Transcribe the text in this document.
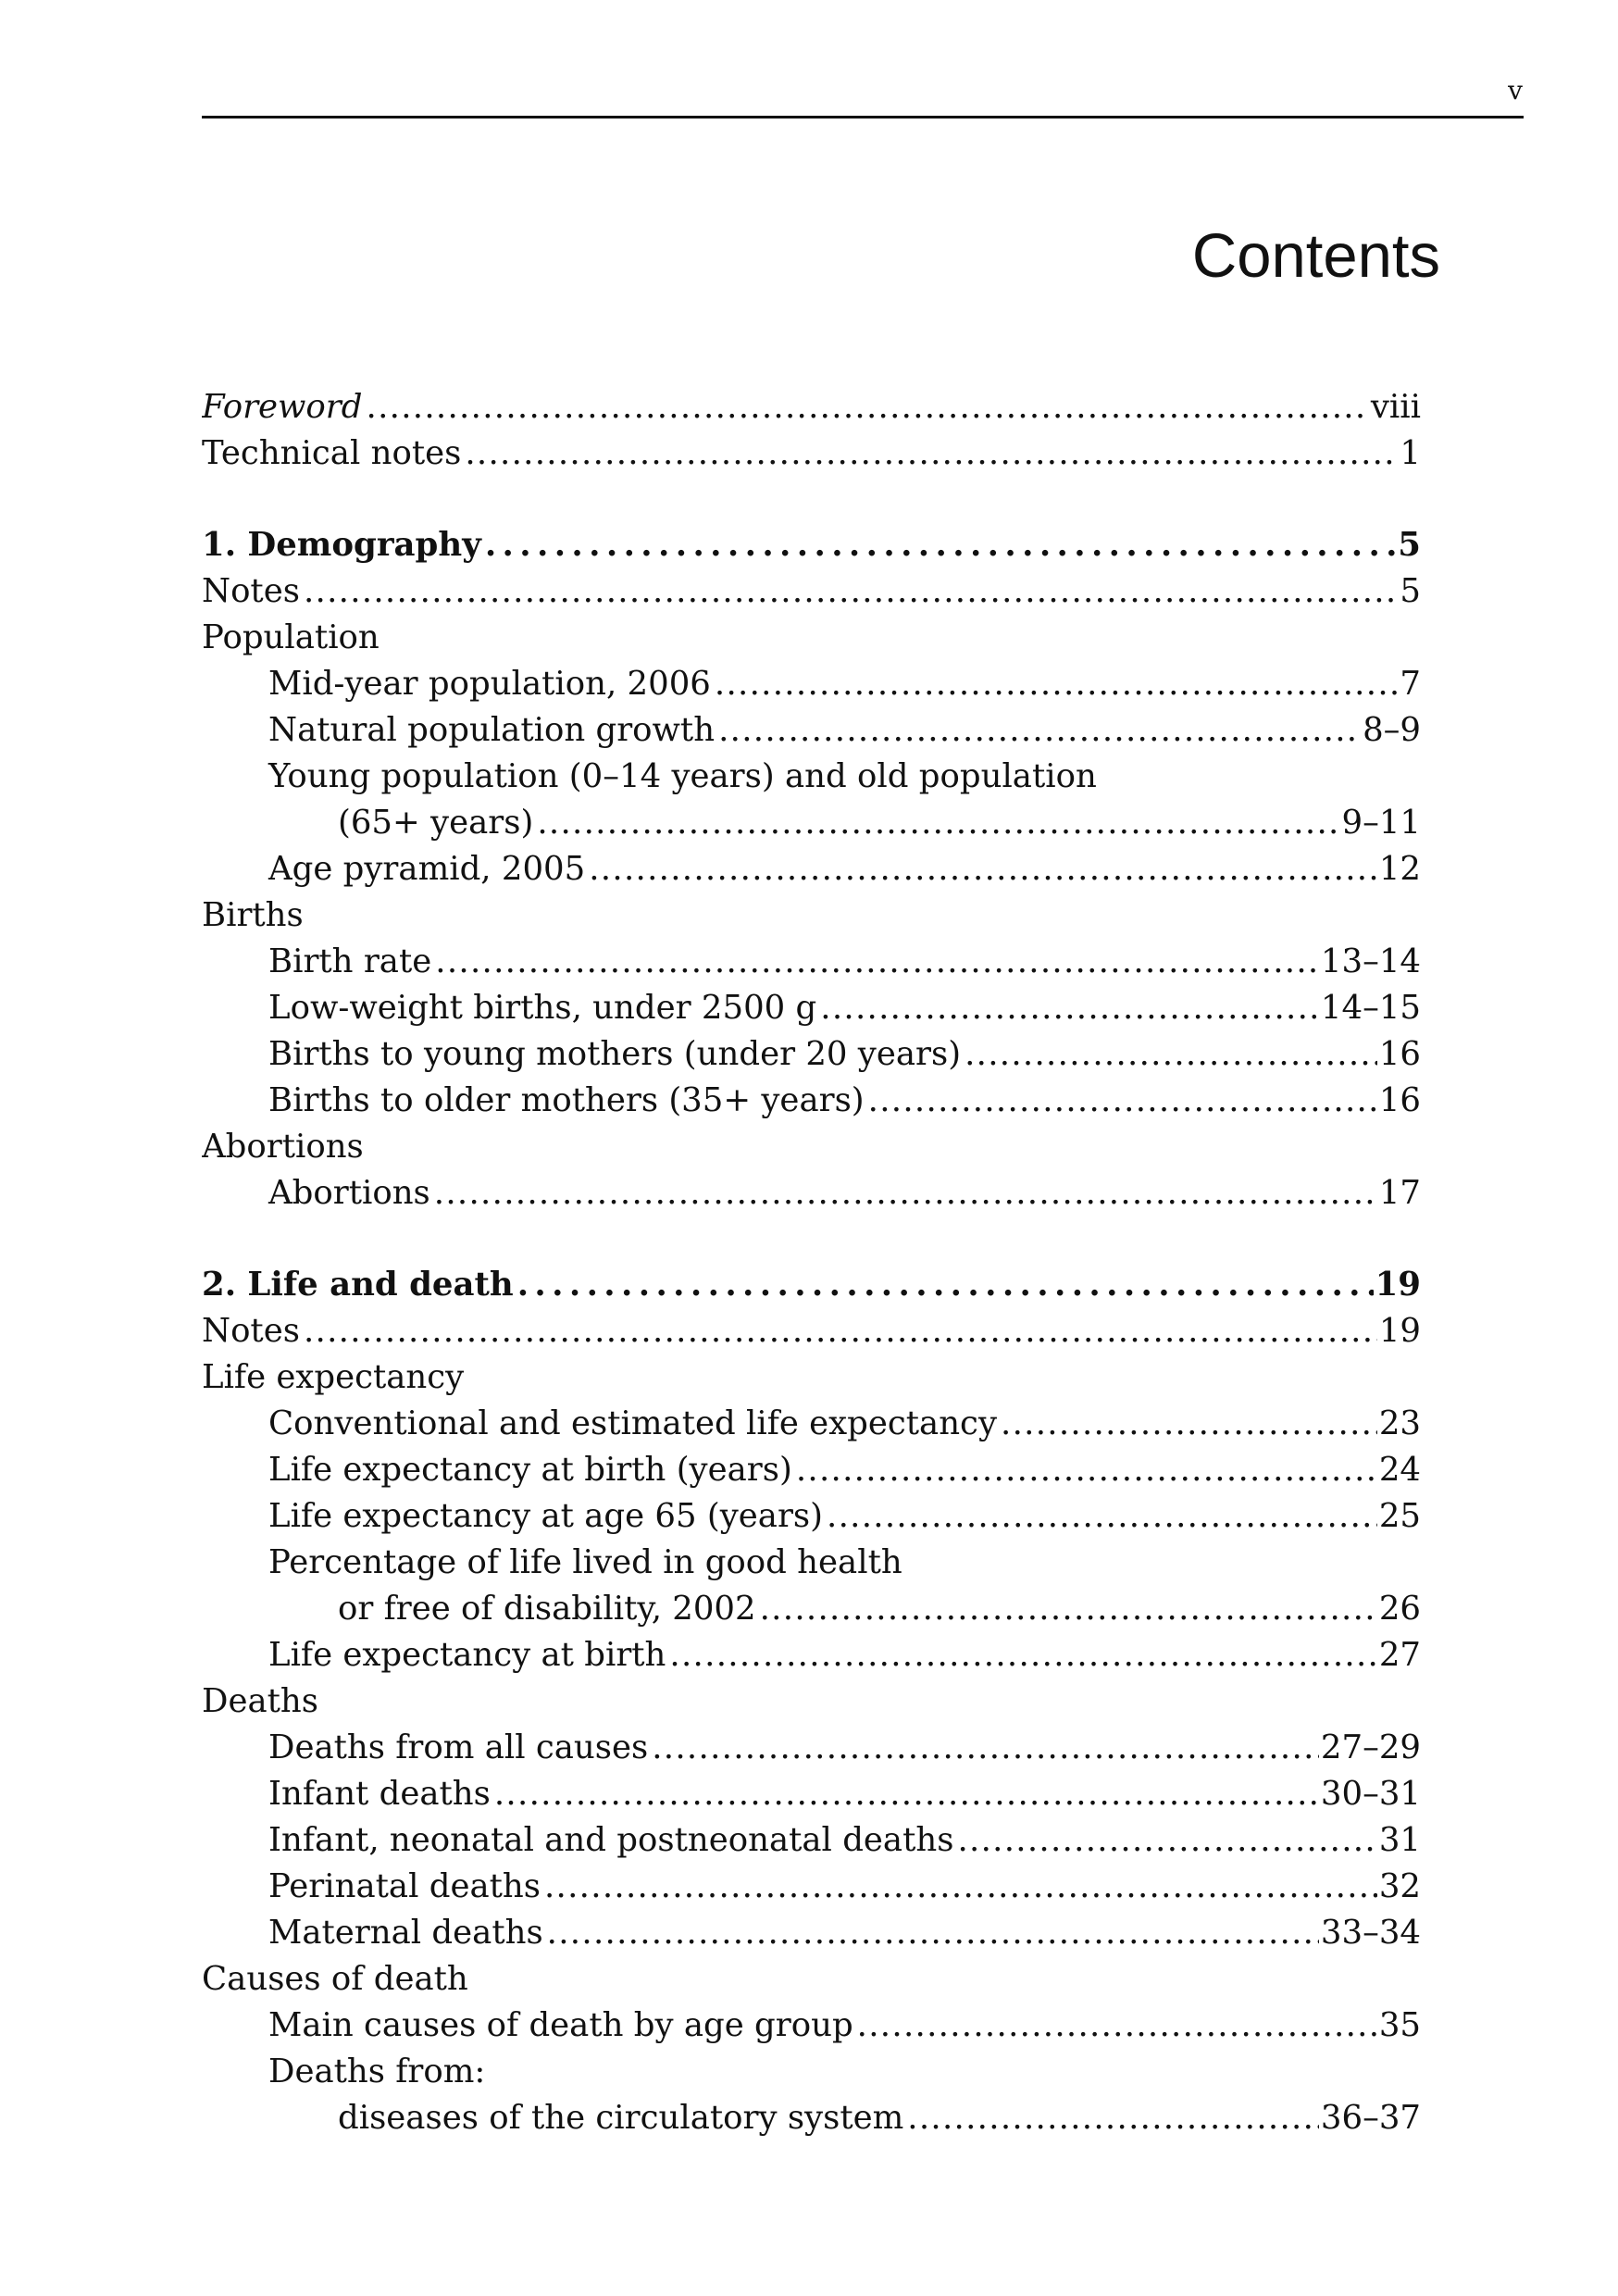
v
Contents
Foreword . . .	viii
Technical notes . . .	1
1. Demography . . .	5
Notes . . .	5
Population
Mid-year population, 2006 . . .	7
Natural population growth . . .	8–9
Young population (0–14 years) and old population
(65+ years) . . .	9–11
Age pyramid, 2005 . . .	12
Births
Birth rate . . .	13–14
Low-weight births, under 2500 g . . .	14–15
Births to young mothers (under 20 years) . . .	16
Births to older mothers (35+ years) . . .	16
Abortions
Abortions . . .	17
2. Life and death . . .	19
Notes . . .	19
Life expectancy
Conventional and estimated life expectancy . . .	23
Life expectancy at birth (years) . . .	24
Life expectancy at age 65 (years) . . .	25
Percentage of life lived in good health
or free of disability, 2002 . . .	26
Life expectancy at birth . . .	27
Deaths
Deaths from all causes . . .	27–29
Infant deaths . . .	30–31
Infant, neonatal and postneonatal deaths . . .	31
Perinatal deaths . . .	32
Maternal deaths . . .	33–34
Causes of death
Main causes of death by age group . . .	35
Deaths from:
diseases of the circulatory system . . .	36–37
